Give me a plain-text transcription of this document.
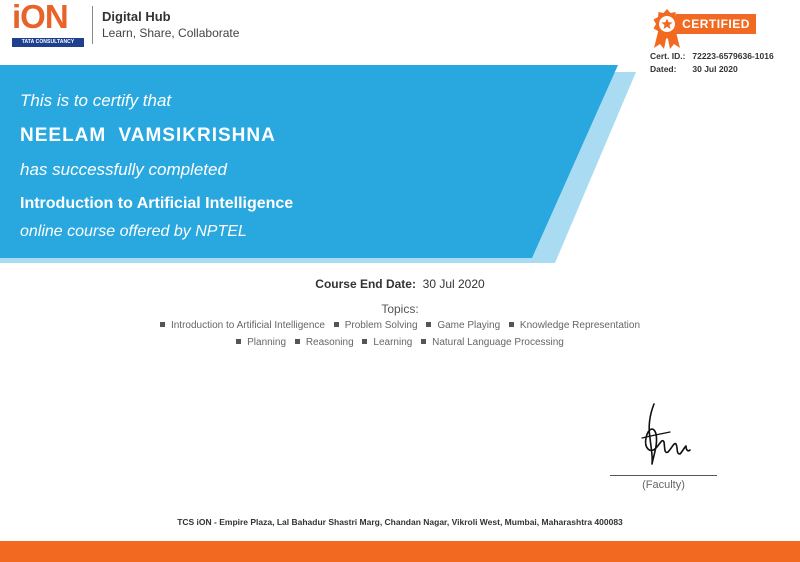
iON
TATA CONSULTANCY SERVICES
Digital Hub
Learn, Share, Collaborate
CERTIFIED
Cert. ID.: 72223-6579636-1016
Dated: 30 Jul 2020
This is to certify that
NEELAM VAMSIKRISHNA
has successfully completed
Introduction to Artificial Intelligence
online course offered by NPTEL
Course End Date: 30 Jul 2020
Topics:
Introduction to Artificial Intelligence Problem Solving Game Playing Knowledge Representation
Planning Reasoning Learning Natural Language Processing
(Faculty)
TCS iON - Empire Plaza, Lal Bahadur Shastri Marg, Chandan Nagar, Vikroli West, Mumbai, Maharashtra 400083
